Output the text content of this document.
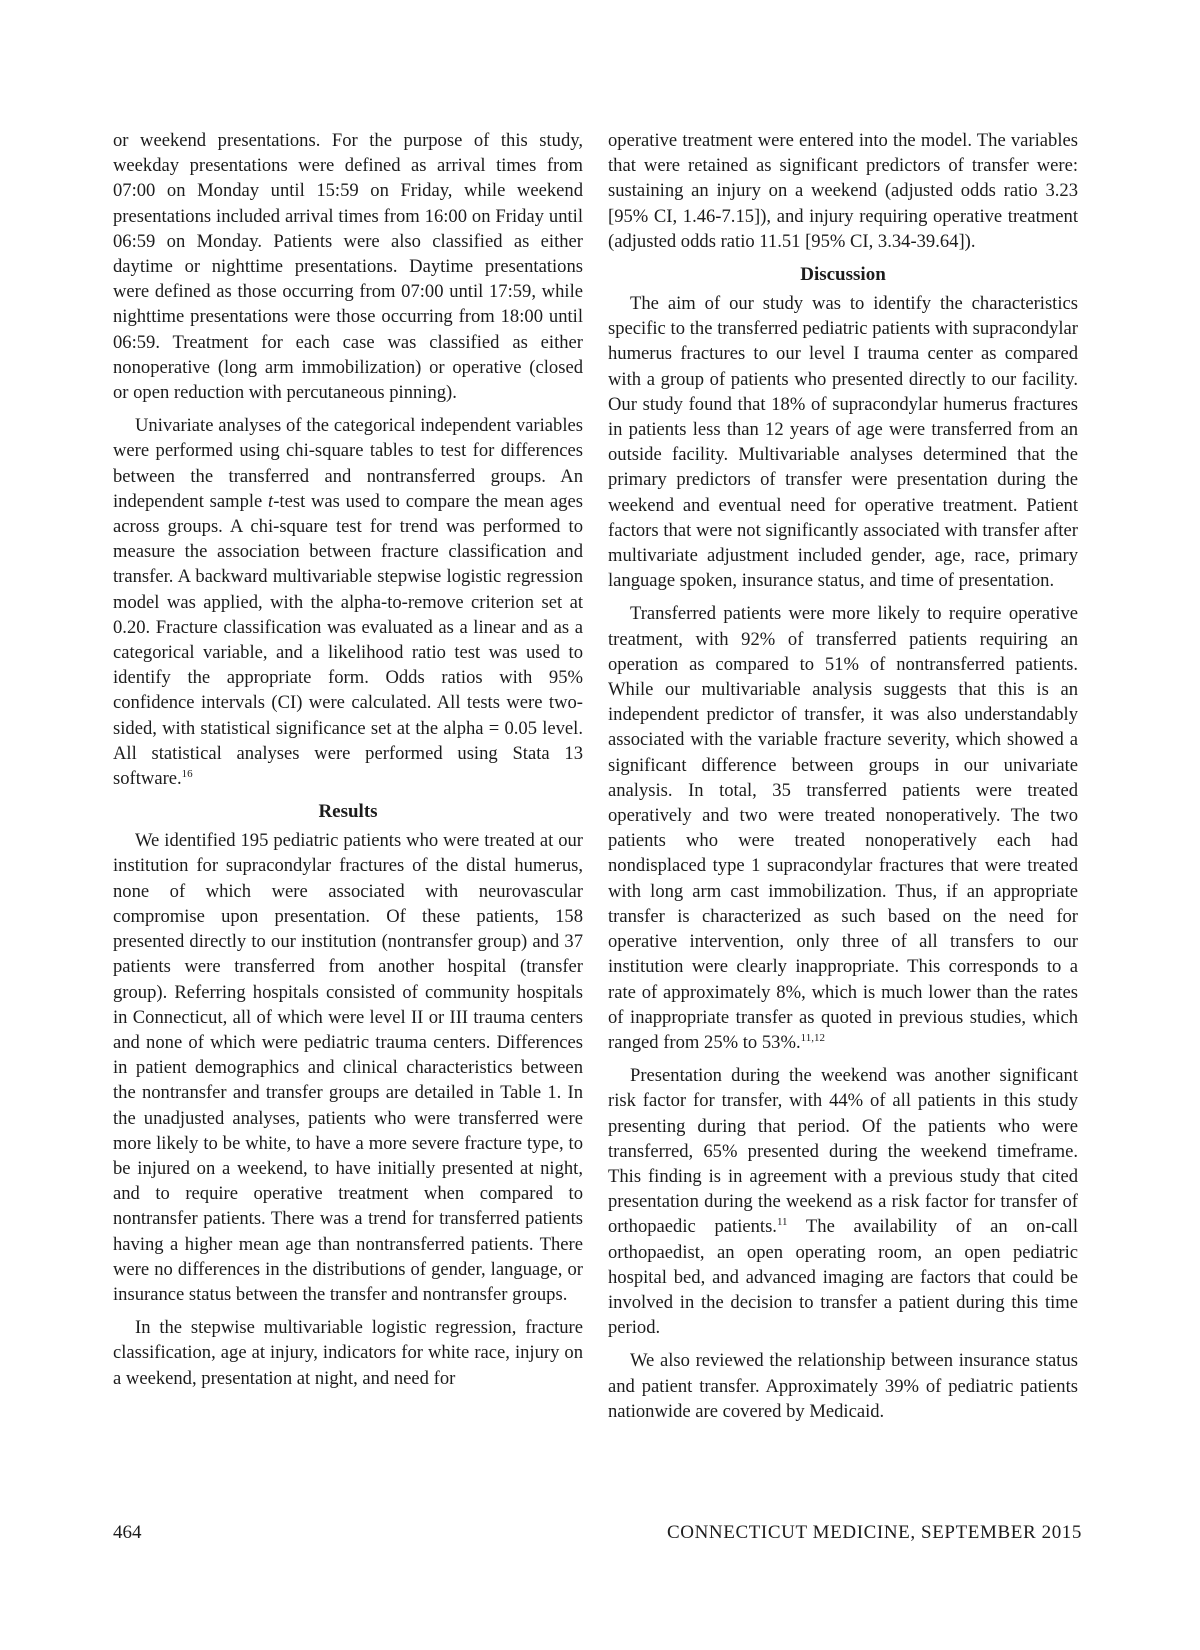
or weekend presentations. For the purpose of this study, weekday presentations were defined as arrival times from 07:00 on Monday until 15:59 on Friday, while weekend presentations included arrival times from 16:00 on Friday until 06:59 on Monday. Patients were also classified as either daytime or nighttime presentations. Daytime presentations were defined as those occurring from 07:00 until 17:59, while nighttime presentations were those occurring from 18:00 until 06:59. Treatment for each case was classified as either nonoperative (long arm immobilization) or operative (closed or open reduction with percutaneous pinning).

Univariate analyses of the categorical independent variables were performed using chi-square tables to test for differences between the transferred and nontransferred groups. An independent sample t-test was used to compare the mean ages across groups. A chi-square test for trend was performed to measure the association between fracture classification and transfer. A backward multivariable stepwise logistic regression model was applied, with the alpha-to-remove criterion set at 0.20. Fracture classification was evaluated as a linear and as a categorical variable, and a likelihood ratio test was used to identify the appropriate form. Odds ratios with 95% confidence intervals (CI) were calculated. All tests were two-sided, with statistical significance set at the alpha = 0.05 level. All statistical analyses were performed using Stata 13 software.$^{16}$

Results

We identified 195 pediatric patients who were treated at our institution for supracondylar fractures of the distal humerus, none of which were associated with neurovascular compromise upon presentation. Of these patients, 158 presented directly to our institution (nontransfer group) and 37 patients were transferred from another hospital (transfer group). Referring hospitals consisted of community hospitals in Connecticut, all of which were level II or III trauma centers and none of which were pediatric trauma centers. Differences in patient demographics and clinical characteristics between the nontransfer and transfer groups are detailed in Table 1. In the unadjusted analyses, patients who were transferred were more likely to be white, to have a more severe fracture type, to be injured on a weekend, to have initially presented at night, and to require operative treatment when compared to nontransfer patients. There was a trend for transferred patients having a higher mean age than nontransferred patients. There were no differences in the distributions of gender, language, or insurance status between the transfer and nontransfer groups.

In the stepwise multivariable logistic regression, fracture classification, age at injury, indicators for white race, injury on a weekend, presentation at night, and need for

operative treatment were entered into the model. The variables that were retained as significant predictors of transfer were: sustaining an injury on a weekend (adjusted odds ratio 3.23 [95% CI, 1.46-7.15]), and injury requiring operative treatment (adjusted odds ratio 11.51 [95% CI, 3.34-39.64]).

Discussion

The aim of our study was to identify the characteristics specific to the transferred pediatric patients with supracondylar humerus fractures to our level I trauma center as compared with a group of patients who presented directly to our facility. Our study found that 18% of supracondylar humerus fractures in patients less than 12 years of age were transferred from an outside facility. Multivariable analyses determined that the primary predictors of transfer were presentation during the weekend and eventual need for operative treatment. Patient factors that were not significantly associated with transfer after multivariate adjustment included gender, age, race, primary language spoken, insurance status, and time of presentation.

Transferred patients were more likely to require operative treatment, with 92% of transferred patients requiring an operation as compared to 51% of nontransferred patients. While our multivariable analysis suggests that this is an independent predictor of transfer, it was also understandably associated with the variable fracture severity, which showed a significant difference between groups in our univariate analysis. In total, 35 transferred patients were treated operatively and two were treated nonoperatively. The two patients who were treated nonoperatively each had nondisplaced type 1 supracondylar fractures that were treated with long arm cast immobilization. Thus, if an appropriate transfer is characterized as such based on the need for operative intervention, only three of all transfers to our institution were clearly inappropriate. This corresponds to a rate of approximately 8%, which is much lower than the rates of inappropriate transfer as quoted in previous studies, which ranged from 25% to 53%.$^{11,12}$

Presentation during the weekend was another significant risk factor for transfer, with 44% of all patients in this study presenting during that period. Of the patients who were transferred, 65% presented during the weekend timeframe. This finding is in agreement with a previous study that cited presentation during the weekend as a risk factor for transfer of orthopaedic patients.$^{11}$ The availability of an on-call orthopaedist, an open operating room, an open pediatric hospital bed, and advanced imaging are factors that could be involved in the decision to transfer a patient during this time period.

We also reviewed the relationship between insurance status and patient transfer. Approximately 39% of pediatric patients nationwide are covered by Medicaid.

464	CONNECTICUT MEDICINE, SEPTEMBER 2015
